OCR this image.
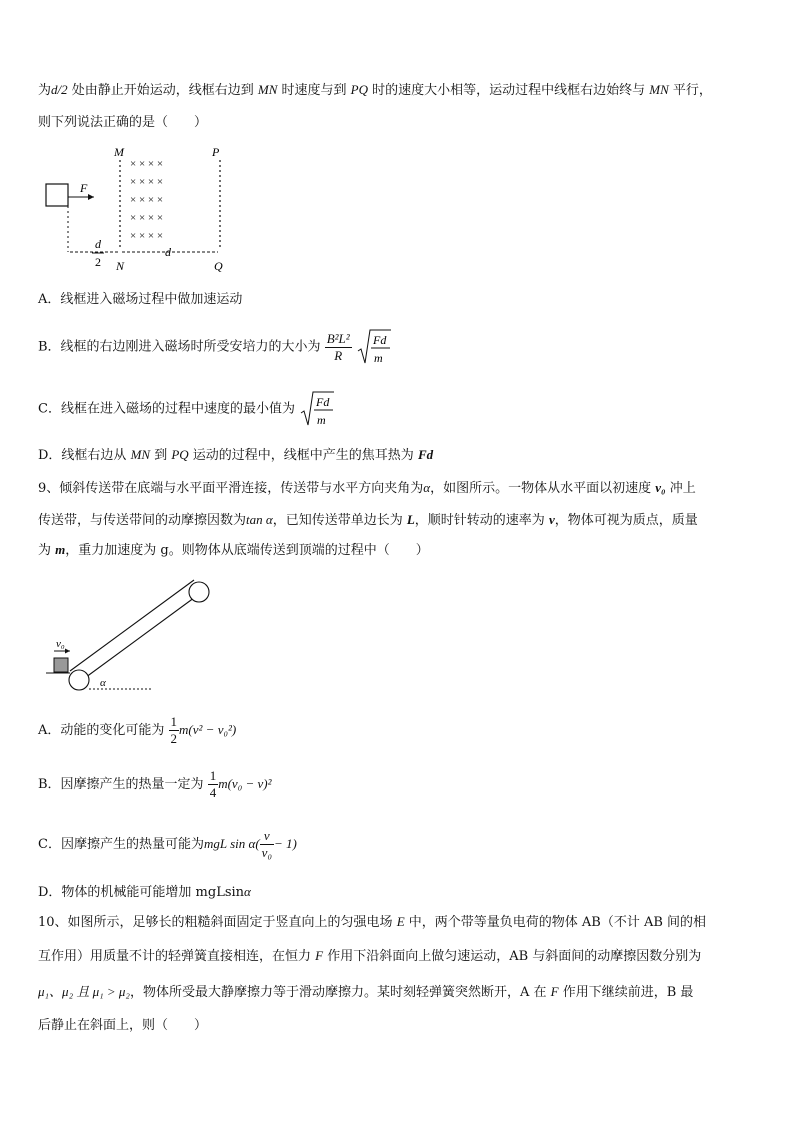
为d/2 处由静止开始运动，线框右边到 MN 时速度与到 PQ 时的速度大小相等，运动过程中线框右边始终与 MN 平行，
则下列说法正确的是（　　）
M	P
× × × ×
× × × ×
× × × ×
× × × ×
× × × ×
F
d
2
d
N	Q
A．线框进入磁场过程中做加速运动
B．线框的右边刚进入磁场时所受安培力的大小为 $\frac{\text{B²L²}}{R}$
Fd
m
C．线框在进入磁场的过程中速度的最小值为 Fd
m
D．线框右边从 MN 到 PQ 运动的过程中，线框中产生的焦耳热为 Fd
9、倾斜传送带在底端与水平面平滑连接，传送带与水平方向夹角为α，如图所示。一物体从水平面以初速度 v₀ 冲上
传送带，与传送带间的动摩擦因数为tan α，已知传送带单边长为 L，顺时针转动的速率为 v，物体可视为质点，质量
为 m，重力加速度为 g。则物体从底端传送到顶端的过程中（　　）
v₀
α
A．动能的变化可能为 $\frac{1}{2} m(v^2 - v_0^2)$
B．因摩擦产生的热量一定为 $\frac{1}{4} m(v_0 - v)^2$
C．因摩擦产生的热量可能为mgL $\sin \alpha( \frac{v}{\text{v₀}} - 1)$
D．物体的机械能可能增加 mgLsinα
10、如图所示，足够长的粗糙斜面固定于竖直向上的匀强电场 E 中，两个带等量负电荷的物体 AB（不计 AB 间的相
互作用）用质量不计的轻弹簧直接相连，在恒力 F 作用下沿斜面向上做匀速运动，AB 与斜面间的动摩擦因数分别为
μ₁、μ₂ 且 μ₁ > μ₂，物体所受最大静摩擦力等于滑动摩擦力。某时刻轻弹簧突然断开，A 在 F 作用下继续前进，B 最
后静止在斜面上，则（　　）
